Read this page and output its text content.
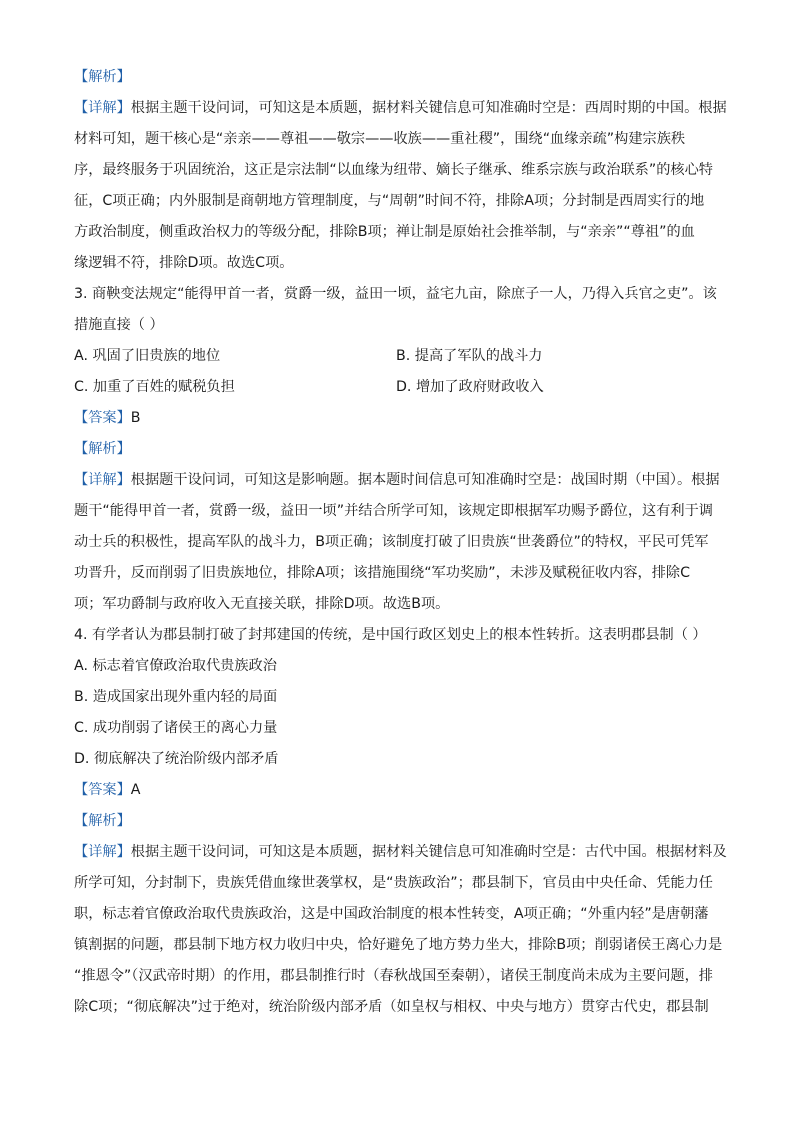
【解析】
【详解】根据主题干设问词，可知这是本质题，据材料关键信息可知准确时空是：西周时期的中国。根据
材料可知，题干核心是“亲亲——尊祖——敬宗——收族——重社稷”，围绕“血缘亲疏”构建宗族秩
序，最终服务于巩固统治，这正是宗法制“以血缘为纽带、嫡长子继承、维系宗族与政治联系”的核心特
征，C项正确；内外服制是商朝地方管理制度，与“周朝”时间不符，排除A项；分封制是西周实行的地
方政治制度，侧重政治权力的等级分配，排除B项；禅让制是原始社会推举制，与“亲亲”“尊祖”的血
缘逻辑不符，排除D项。故选C项。
3. 商鞅变法规定“能得甲首一者，赏爵一级，益田一顷，益宅九亩，除庶子一人，乃得入兵官之吏”。该
措施直接（ ）
A. 巩固了旧贵族的地位	B. 提高了军队的战斗力
C. 加重了百姓的赋税负担	D. 增加了政府财政收入
【答案】B
【解析】
【详解】根据题干设问词，可知这是影响题。据本题时间信息可知准确时空是：战国时期（中国）。根据
题干“能得甲首一者，赏爵一级，益田一顷”并结合所学可知，该规定即根据军功赐予爵位，这有利于调
动士兵的积极性，提高军队的战斗力，B项正确；该制度打破了旧贵族“世袭爵位”的特权，平民可凭军
功晋升，反而削弱了旧贵族地位，排除A项；该措施围绕“军功奖励”，未涉及赋税征收内容，排除C
项；军功爵制与政府收入无直接关联，排除D项。故选B项。
4. 有学者认为郡县制打破了封邦建国的传统，是中国行政区划史上的根本性转折。这表明郡县制（ ）
A. 标志着官僚政治取代贵族政治
B. 造成国家出现外重内轻的局面
C. 成功削弱了诸侯王的离心力量
D. 彻底解决了统治阶级内部矛盾
【答案】A
【解析】
【详解】根据主题干设问词，可知这是本质题，据材料关键信息可知准确时空是：古代中国。根据材料及
所学可知，分封制下，贵族凭借血缘世袭掌权，是“贵族政治”；郡县制下，官员由中央任命、凭能力任
职，标志着官僚政治取代贵族政治，这是中国政治制度的根本性转变，A项正确；“外重内轻”是唐朝藩
镇割据的问题，郡县制下地方权力收归中央，恰好避免了地方势力坐大，排除B项；削弱诸侯王离心力是
“推恩令”（汉武帝时期）的作用，郡县制推行时（春秋战国至秦朝），诸侯王制度尚未成为主要问题，排
除C项；“彻底解决”过于绝对，统治阶级内部矛盾（如皇权与相权、中央与地方）贯穿古代史，郡县制
